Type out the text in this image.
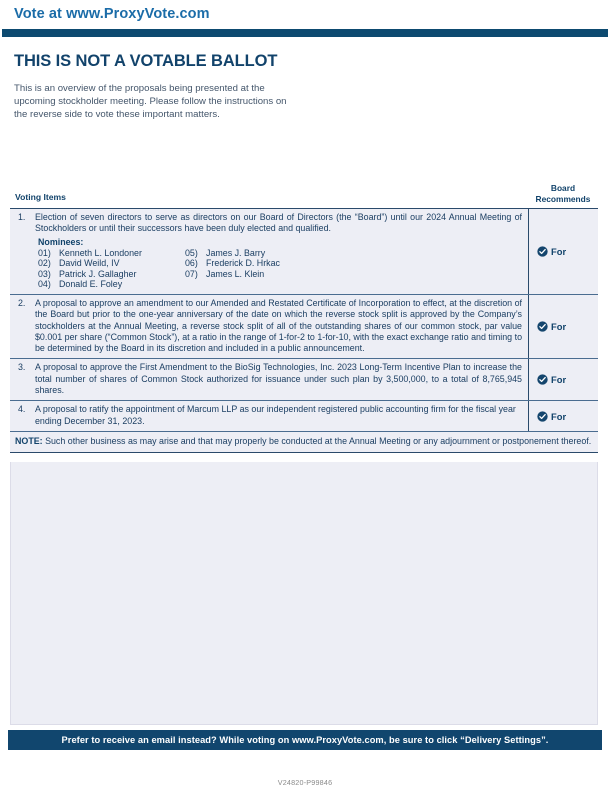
Vote at www.ProxyVote.com
THIS IS NOT A VOTABLE BALLOT
This is an overview of the proposals being presented at the
upcoming stockholder meeting. Please follow the instructions on
the reverse side to vote these important matters.
Voting Items
Board
Recommends
1.	Election of seven directors to serve as directors on our Board of Directors (the “Board”) until our 2024 Annual Meeting of Stockholders or until their successors have been duly elected and qualified.
Nominees:
01) Kenneth L. Londoner
02) David Weild, IV
03) Patrick J. Gallagher
04) Donald E. Foley
05) James J. Barry
06) Frederick D. Hrkac
07) James L. Klein
For
2.	A proposal to approve an amendment to our Amended and Restated Certificate of Incorporation to effect, at the discretion of the Board but prior to the one-year anniversary of the date on which the reverse stock split is approved by the Company’s stockholders at the Annual Meeting, a reverse stock split of all of the outstanding shares of our common stock, par value $0.001 per share (“Common Stock”), at a ratio in the range of 1-for-2 to 1-for-10, with the exact exchange ratio and timing to be determined by the Board in its discretion and included in a public announcement.
For
3.	A proposal to approve the First Amendment to the BioSig Technologies, Inc. 2023 Long-Term Incentive Plan to increase the total number of shares of Common Stock authorized for issuance under such plan by 3,500,000, to a total of 8,765,945 shares.
For
4.	A proposal to ratify the appointment of Marcum LLP as our independent registered public accounting firm for the fiscal year ending December 31, 2023.	For
NOTE: Such other business as may arise and that may properly be conducted at the Annual Meeting or any adjournment or postponement thereof.
Prefer to receive an email instead? While voting on www.ProxyVote.com, be sure to click “Delivery Settings”.
V24820-P99846
